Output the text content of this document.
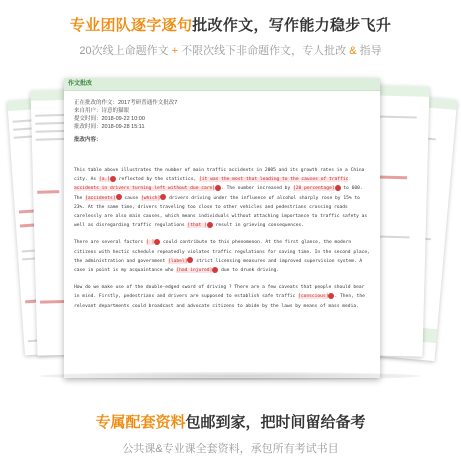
专业团队逐字逐句批改作文，写作能力稳步飞升
20次线上命题作文 + 不限次线下非命题作文，专人批改 & 指导
作文批改
正在批改的作文：2017考研普通作文批改7
来自用户：诗意的猫眼
提交时间：2018-09-22 10:00
批改时间：2018-09-28 15:11
批改内容：

This table above illustrates the number of main traffic accidents in 2005 and its growth rates in a China city. As [a.] reflected by the statistics, [it was the most that leading to the causes of traffic accidents in drivers turning left without due care] . The number increased by [20 percentage] to 600. The [accidents] cause [which] drivers driving under the influence of alcohol sharply rose by 15% to 23%. At the same time, drivers traveling too close to other vehicles and pedestrians crossing roads carelessly are also main causes, which means individuals without attaching importance to traffic safety as well as disregarding traffic regulations [that ] result in grieving consequences.

There are several factors [ ] could contribute to this phenomenon. At the first glance, the modern citizens with hectic schedule repeatedly violates traffic regulations for saving time. In the second place, the administration and government [label] strict licensing measures and improved supervision system. A case in point is my acquaintance who [had injured] due to drunk driving.

How do we make use of the double-edged sword of driving ? There are a few caveats that people should bear in mind. Firstly, pedestrians and drivers are supposed to establish safe traffic [conscious] . Then, the relevant departments could broadcast and advocate citizens to abide by the laws by means of mass media.

专属配套资料包邮到家，把时间留给备考
公共课&专业课全套资料，承包所有考试书目
